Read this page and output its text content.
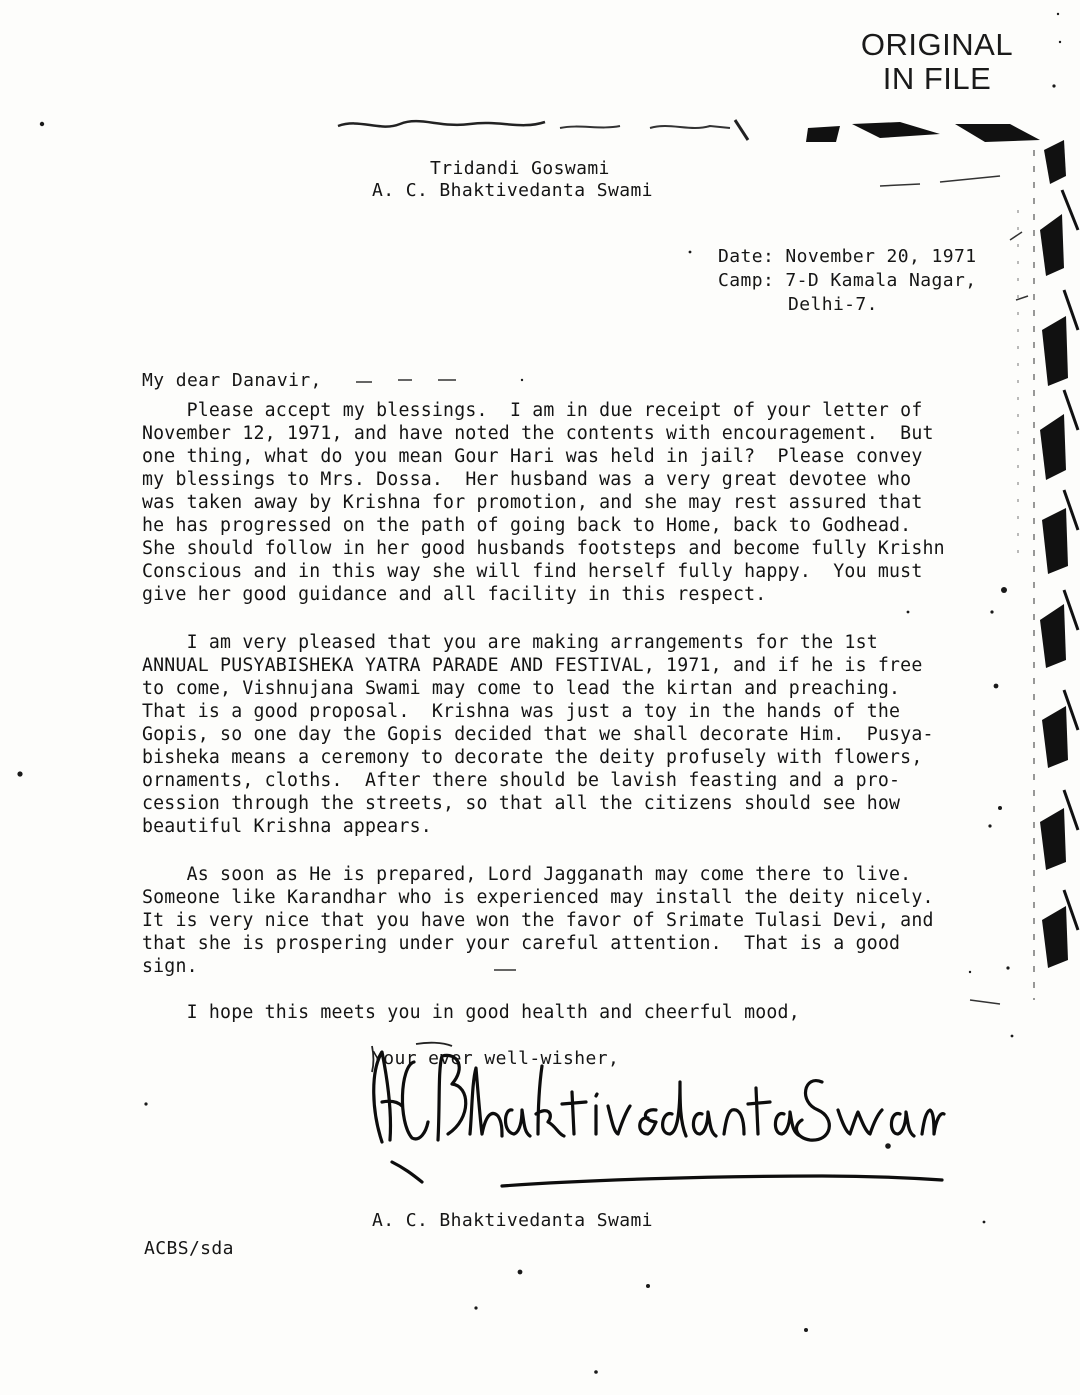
ORIGINAL
IN FILE
Tridandi Goswami
A. C. Bhaktivedanta Swami
Date: November 20, 1971
Camp: 7-D Kamala Nagar,
Delhi-7.
My dear Danavir,
Please accept my blessings.  I am in due receipt of your letter of
November 12, 1971, and have noted the contents with encouragement.  But
one thing, what do you mean Gour Hari was held in jail?  Please convey
my blessings to Mrs. Dossa.  Her husband was a very great devotee who
was taken away by Krishna for promotion, and she may rest assured that
he has progressed on the path of going back to Home, back to Godhead.
She should follow in her good husbands footsteps and become fully Krishn
Conscious and in this way she will find herself fully happy.  You must
give her good guidance and all facility in this respect.
I am very pleased that you are making arrangements for the 1st
ANNUAL PUSYABISHEKA YATRA PARADE AND FESTIVAL, 1971, and if he is free
to come, Vishnujana Swami may come to lead the kirtan and preaching.
That is a good proposal.  Krishna was just a toy in the hands of the
Gopis, so one day the Gopis decided that we shall decorate Him.  Pusya-
bisheka means a ceremony to decorate the deity profusely with flowers,
ornaments, cloths.  After there should be lavish feasting and a pro-
cession through the streets, so that all the citizens should see how
beautiful Krishna appears.
As soon as He is prepared, Lord Jagganath may come there to live.
Someone like Karandhar who is experienced may install the deity nicely.
It is very nice that you have won the favor of Srimate Tulasi Devi, and
that she is prospering under your careful attention.  That is a good
sign.
I hope this meets you in good health and cheerful mood,
Your ever well-wisher,
A. C. Bhaktivedanta Swami
ACBS/sda
